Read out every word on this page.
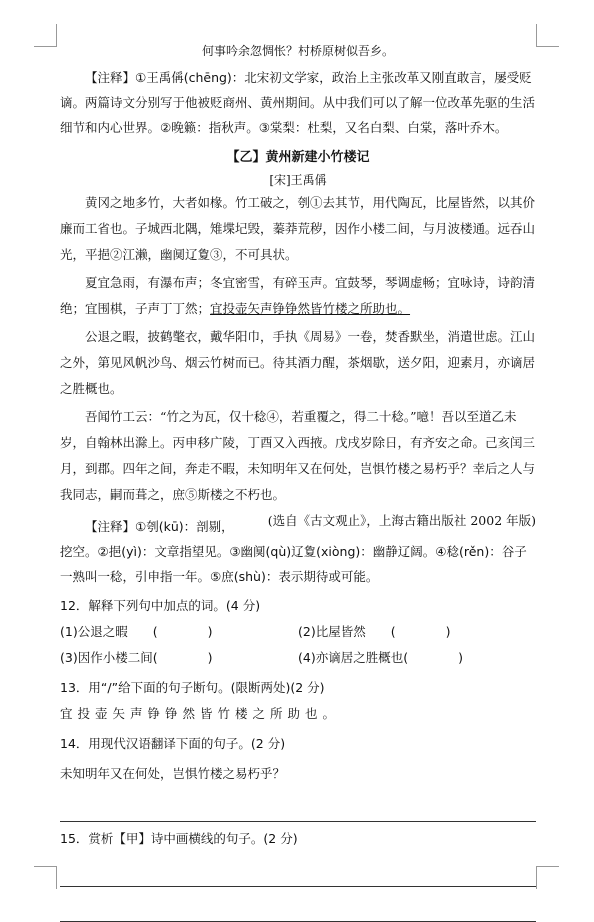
何事吟余忽惆怅？村桥原树似吾乡。

【注释】①王禹偁(chēng)：北宋初文学家，政治上主张改革又刚直敢言，屡受贬谪。两篇诗文分别写于他被贬商州、黄州期间。从中我们可以了解一位改革先驱的生活细节和内心世界。②晚籁：指秋声。③棠梨：杜梨，又名白梨、白棠，落叶乔木。

【乙】黄州新建小竹楼记

[宋]王禹偁

黄冈之地多竹，大者如椽。竹工破之，刳①去其节，用代陶瓦，比屋皆然，以其价廉而工省也。子城西北隅，雉堞圮毁，蓁莽荒秽，因作小楼二间，与月波楼通。远吞山光，平挹②江濑，幽阒辽夐③，不可具状。

夏宜急雨，有瀑布声；冬宜密雪，有碎玉声。宜鼓琴，琴调虚畅；宜咏诗，诗韵清绝；宜围棋，子声丁丁然；宜投壶矢声铮铮然皆竹楼之所助也。

公退之暇，披鹤氅衣，戴华阳巾，手执《周易》一卷，焚香默坐，消遣世虑。江山之外，第见风帆沙鸟、烟云竹树而已。待其酒力醒，茶烟歇，送夕阳，迎素月，亦谪居之胜概也。

吾闻竹工云：“竹之为瓦，仅十稔④，若重覆之，得二十稔。”噫！吾以至道乙未岁，自翰林出滁上。丙申移广陵，丁酉又入西掖。戊戌岁除日，有齐安之命。己亥闰三月，到郡。四年之间，奔走不暇，未知明年又在何处，岂惧竹楼之易朽乎？幸后之人与我同志，嗣而葺之，庶⑤斯楼之不朽也。
(选自《古文观止》，上海古籍出版社 2002 年版)

【注释】①刳(kū)：剖剔，挖空。②挹(yì)：文章指望见。③幽阒(qù)辽夐(xiòng)：幽静辽阔。④稔(rěn)：谷子一熟叫一稔，引申指一年。⑤庶(shù)：表示期待或可能。

12．解释下列句中加点的词。(4 分)

(1)公退之暇　　(　　　　)	(2)比屋皆然　　(　　　　)
(3)因作小楼二间(　　　　)	(4)亦谪居之胜概也(　　　　)

13．用“/”给下面的句子断句。(限断两处)(2 分)

宜投壶矢声铮铮然皆竹楼之所助也。

14．用现代汉语翻译下面的句子。(2 分)

未知明年又在何处，岂惧竹楼之易朽乎？

15．赏析【甲】诗中画横线的句子。(2 分)
